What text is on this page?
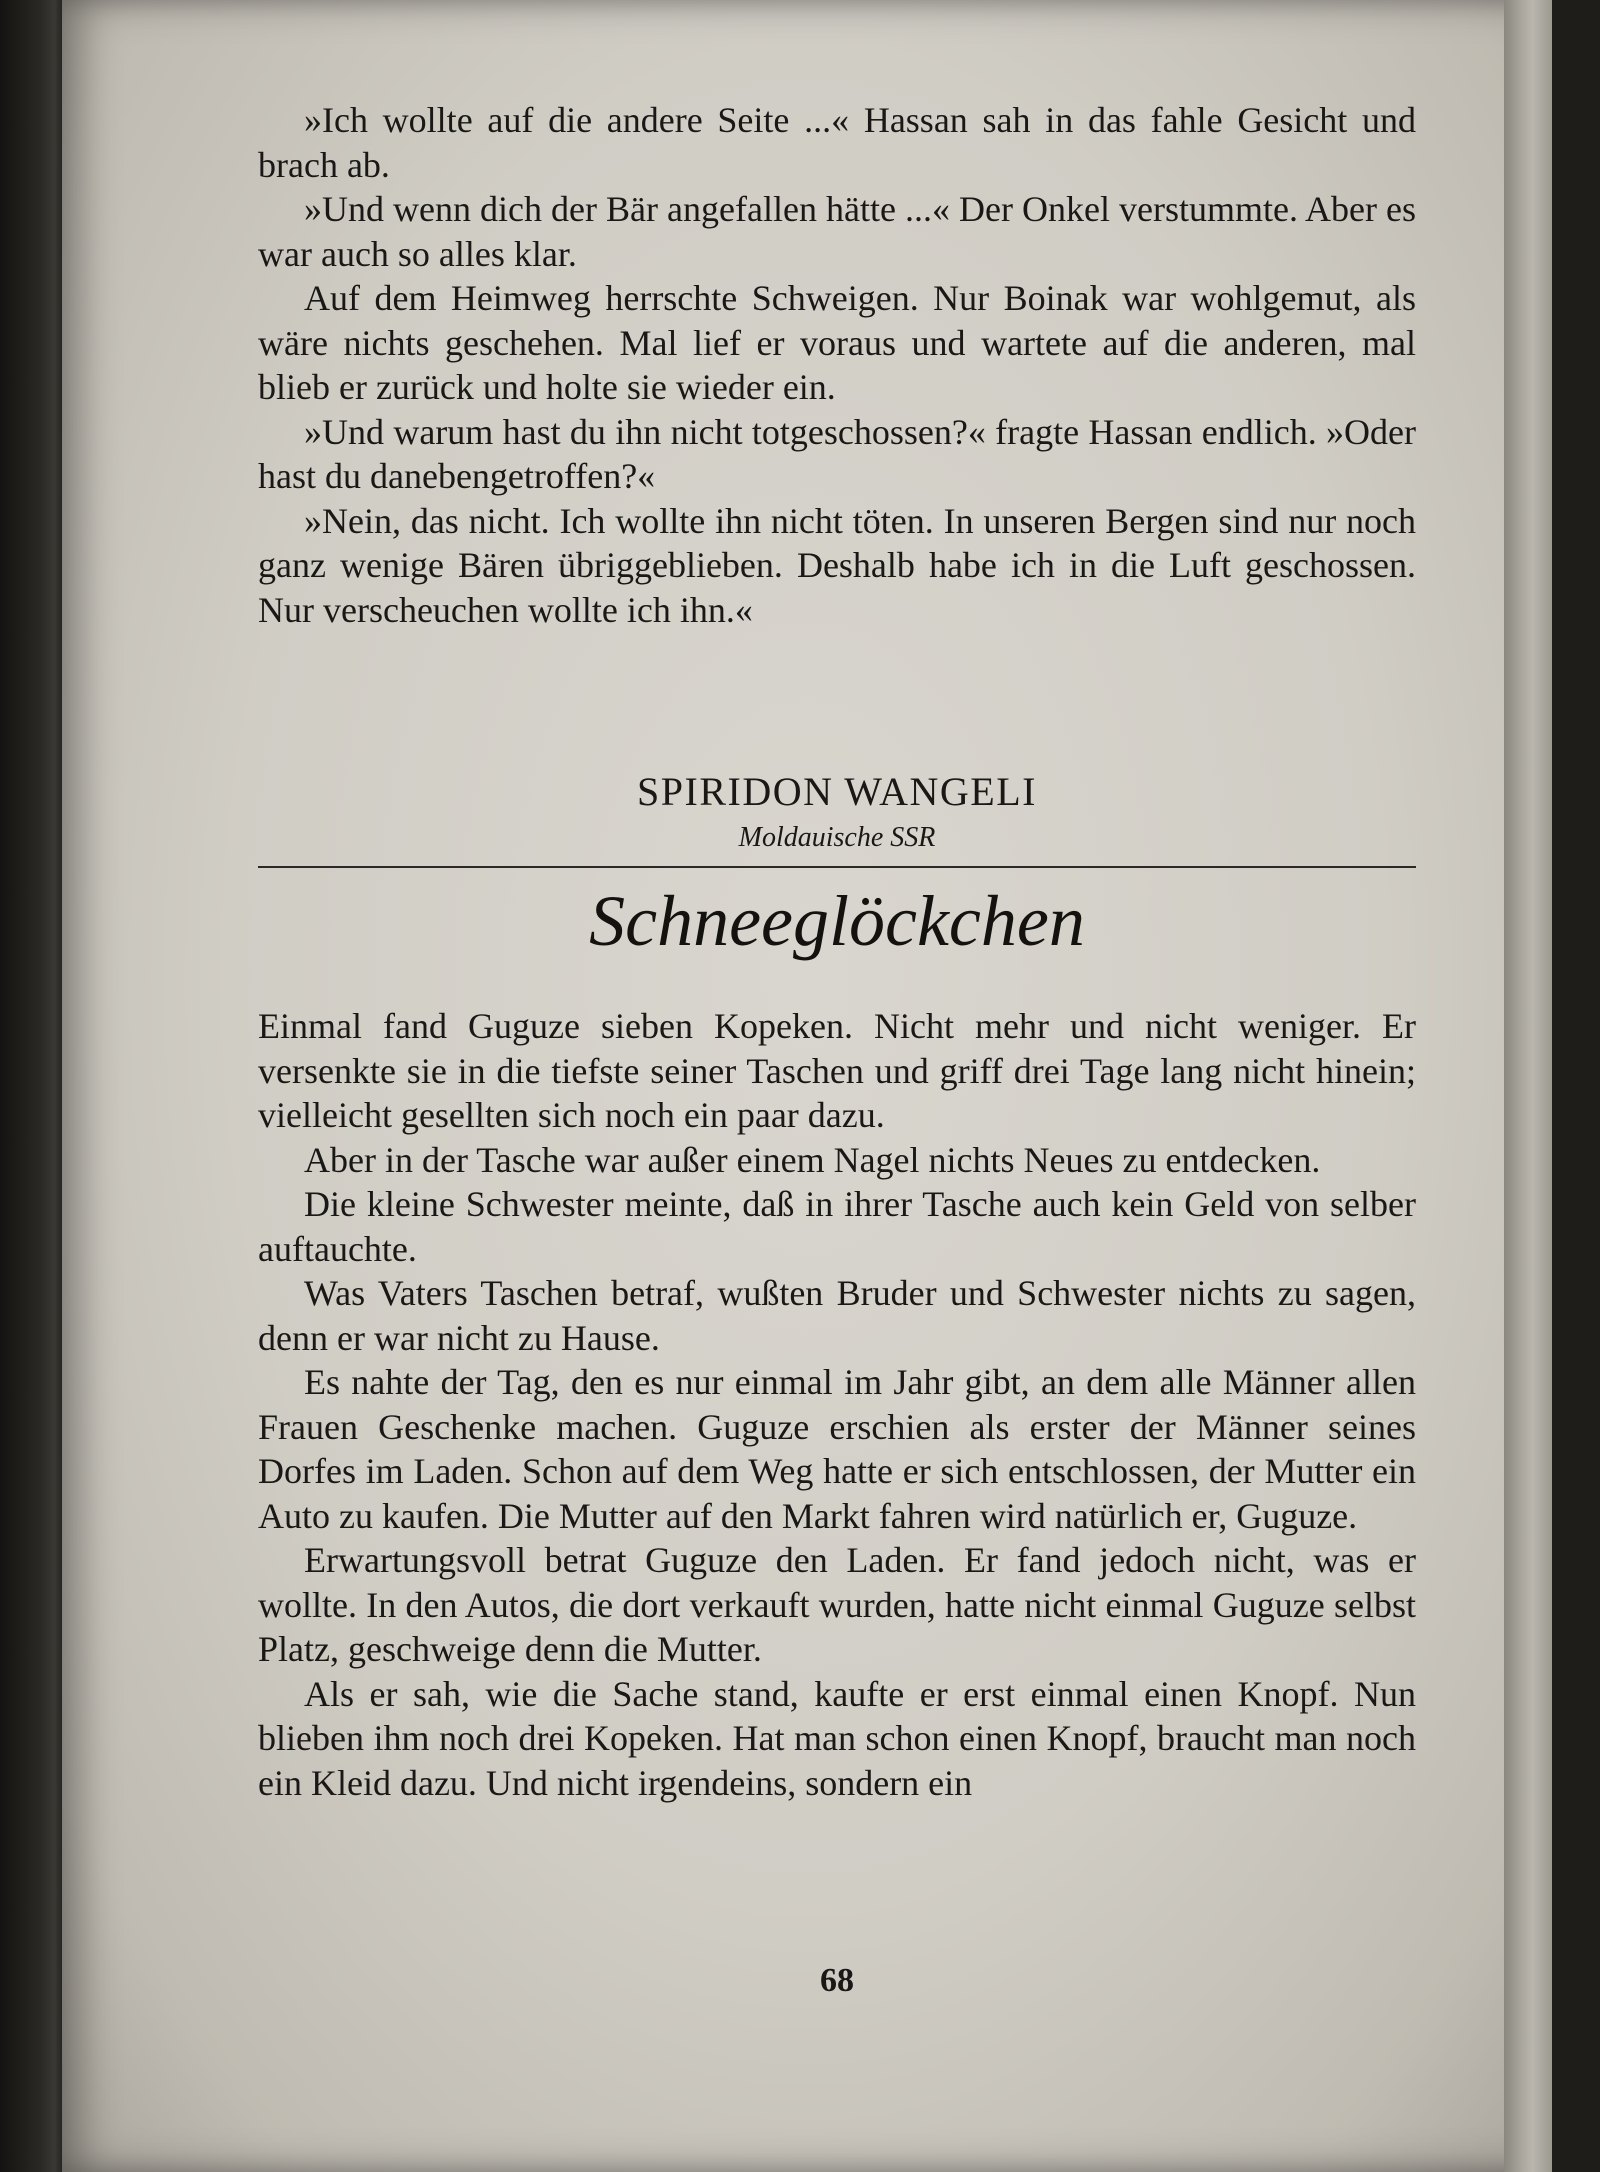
»Ich wollte auf die andere Seite ...« Hassan sah in das fahle Gesicht und brach ab.

»Und wenn dich der Bär angefallen hätte ...« Der Onkel verstummte. Aber es war auch so alles klar.

Auf dem Heimweg herrschte Schweigen. Nur Boinak war wohlgemut, als wäre nichts geschehen. Mal lief er voraus und wartete auf die anderen, mal blieb er zurück und holte sie wieder ein.

»Und warum hast du ihn nicht totgeschossen?« fragte Hassan endlich. »Oder hast du danebengetroffen?«

»Nein, das nicht. Ich wollte ihn nicht töten. In unseren Bergen sind nur noch ganz wenige Bären übriggeblieben. Deshalb habe ich in die Luft geschossen. Nur verscheuchen wollte ich ihn.«

SPIRIDON WANGELI
Moldauische SSR
Schneeglöckchen

Einmal fand Guguze sieben Kopeken. Nicht mehr und nicht weniger. Er versenkte sie in die tiefste seiner Taschen und griff drei Tage lang nicht hinein; vielleicht gesellten sich noch ein paar dazu.

Aber in der Tasche war außer einem Nagel nichts Neues zu entdecken.

Die kleine Schwester meinte, daß in ihrer Tasche auch kein Geld von selber auftauchte.

Was Vaters Taschen betraf, wußten Bruder und Schwester nichts zu sagen, denn er war nicht zu Hause.

Es nahte der Tag, den es nur einmal im Jahr gibt, an dem alle Männer allen Frauen Geschenke machen. Guguze erschien als erster der Männer seines Dorfes im Laden. Schon auf dem Weg hatte er sich entschlossen, der Mutter ein Auto zu kaufen. Die Mutter auf den Markt fahren wird natürlich er, Guguze.

Erwartungsvoll betrat Guguze den Laden. Er fand jedoch nicht, was er wollte. In den Autos, die dort verkauft wurden, hatte nicht einmal Guguze selbst Platz, geschweige denn die Mutter.

Als er sah, wie die Sache stand, kaufte er erst einmal einen Knopf. Nun blieben ihm noch drei Kopeken. Hat man schon einen Knopf, braucht man noch ein Kleid dazu. Und nicht irgendeins, sondern ein

68
